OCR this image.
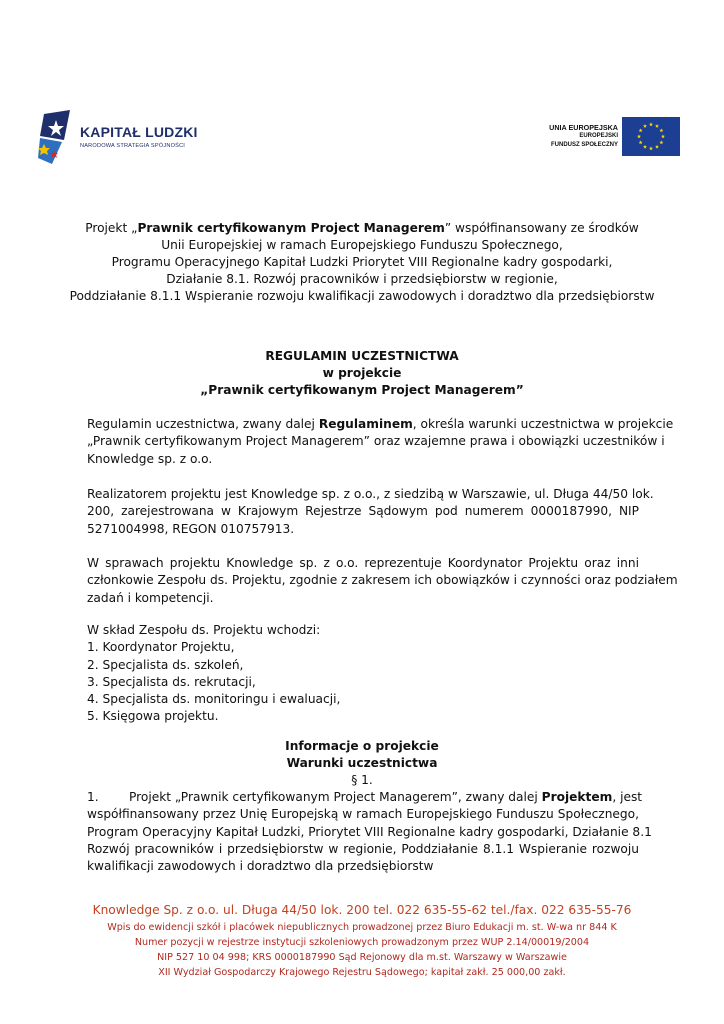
KAPITAŁ LUDZKI
NARODOWA STRATEGIA SPÓJNOŚCI
UNIA EUROPEJSKA
EUROPEJSKI
FUNDUSZ SPOŁECZNY
Projekt „Prawnik certyfikowanym Project Managerem” współfinansowany ze środków
Unii Europejskiej w ramach Europejskiego Funduszu Społecznego,
Programu Operacyjnego Kapitał Ludzki Priorytet VIII Regionalne kadry gospodarki,
Działanie 8.1. Rozwój pracowników i przedsiębiorstw w regionie,
Poddziałanie 8.1.1 Wspieranie rozwoju kwalifikacji zawodowych i doradztwo dla przedsiębiorstw
REGULAMIN UCZESTNICTWA
w projekcie
„Prawnik certyfikowanym Project Managerem”
Regulamin uczestnictwa, zwany dalej Regulaminem, określa warunki uczestnictwa w projekcie
„Prawnik certyfikowanym Project Managerem” oraz wzajemne prawa i obowiązki uczestników i
Knowledge sp. z o.o.
Realizatorem projektu jest Knowledge sp. z o.o., z siedzibą w Warszawie, ul. Długa 44/50 lok.
200, zarejestrowana w Krajowym Rejestrze Sądowym pod numerem 0000187990, NIP
5271004998, REGON 010757913.
W sprawach projektu Knowledge sp. z o.o. reprezentuje Koordynator Projektu oraz inni
członkowie Zespołu ds. Projektu, zgodnie z zakresem ich obowiązków i czynności oraz podziałem
zadań i kompetencji.
W skład Zespołu ds. Projektu wchodzi:
1. Koordynator Projektu,
2. Specjalista ds. szkoleń,
3. Specjalista ds. rekrutacji,
4. Specjalista ds. monitoringu i ewaluacji,
5. Księgowa projektu.
Informacje o projekcie
Warunki uczestnictwa
§ 1.
1. Projekt „Prawnik certyfikowanym Project Managerem”, zwany dalej Projektem, jest
współfinansowany przez Unię Europejską w ramach Europejskiego Funduszu Społecznego,
Program Operacyjny Kapitał Ludzki, Priorytet VIII Regionalne kadry gospodarki, Działanie 8.1
Rozwój pracowników i przedsiębiorstw w regionie, Poddziałanie 8.1.1 Wspieranie rozwoju
kwalifikacji zawodowych i doradztwo dla przedsiębiorstw
Knowledge Sp. z o.o. ul. Długa 44/50 lok. 200 tel. 022 635-55-62 tel./fax. 022 635-55-76
Wpis do ewidencji szkół i placówek niepublicznych prowadzonej przez Biuro Edukacji m. st. W-wa nr 844 K
Numer pozycji w rejestrze instytucji szkoleniowych prowadzonym przez WUP 2.14/00019/2004
NIP 527 10 04 998; KRS 0000187990 Sąd Rejonowy dla m.st. Warszawy w Warszawie
XII Wydział Gospodarczy Krajowego Rejestru Sądowego; kapitał zakł. 25 000,00 zakł.
